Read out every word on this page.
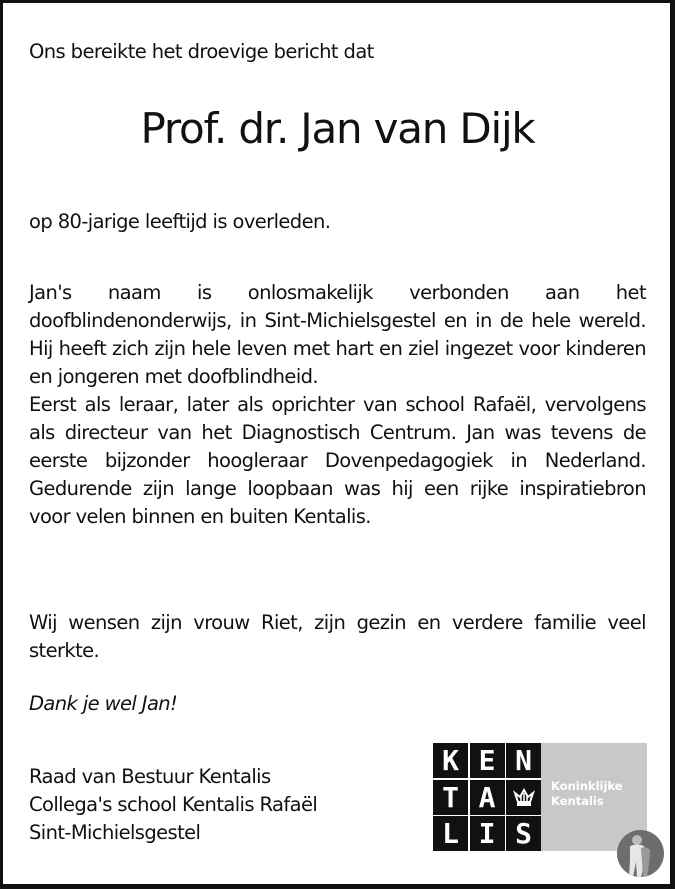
Ons bereikte het droevige bericht dat
Prof. dr. Jan van Dijk
op 80-jarige leeftijd is overleden.

Jan's naam is onlosmakelijk verbonden aan het doofblindenonderwijs, in Sint-Michielsgestel en in de hele wereld. Hij heeft zich zijn hele leven met hart en ziel ingezet voor kinderen en jongeren met doofblindheid.

Eerst als leraar, later als oprichter van school Rafaël, vervolgens als directeur van het Diagnostisch Centrum. Jan was tevens de eerste bijzonder hoogleraar Dovenpedagogiek in Nederland. Gedurende zijn lange loopbaan was hij een rijke inspiratiebron voor velen binnen en buiten Kentalis.

Wij wensen zijn vrouw Riet, zijn gezin en verdere familie veel sterkte.
Dank je wel Jan!
Raad van Bestuur Kentalis
Collega's school Kentalis Rafaël
Sint-Michielsgestel
K E N
T A
L I S
Koninklijke
Kentalis
